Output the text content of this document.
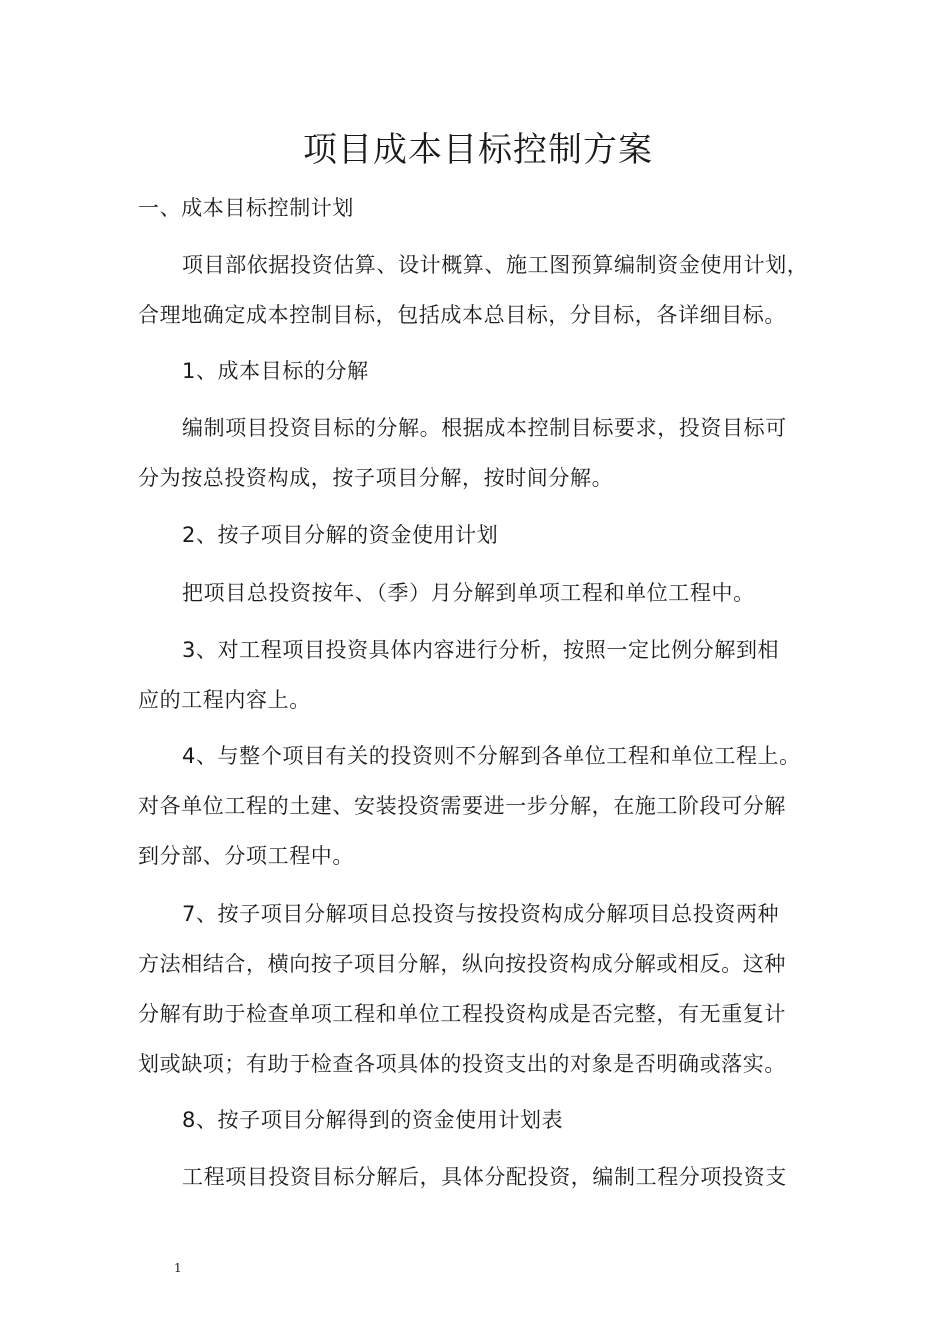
项目成本目标控制方案
一、成本目标控制计划
项目部依据投资估算、设计概算、施工图预算编制资金使用计划，
合理地确定成本控制目标，包括成本总目标，分目标，各详细目标。
1、成本目标的分解
编制项目投资目标的分解。根据成本控制目标要求，投资目标可
分为按总投资构成，按子项目分解，按时间分解。
2、按子项目分解的资金使用计划
把项目总投资按年、（季）月分解到单项工程和单位工程中。
3、对工程项目投资具体内容进行分析，按照一定比例分解到相
应的工程内容上。
4、与整个项目有关的投资则不分解到各单位工程和单位工程上。
对各单位工程的土建、安装投资需要进一步分解，在施工阶段可分解
到分部、分项工程中。
7、按子项目分解项目总投资与按投资构成分解项目总投资两种
方法相结合，横向按子项目分解，纵向按投资构成分解或相反。这种
分解有助于检查单项工程和单位工程投资构成是否完整，有无重复计
划或缺项；有助于检查各项具体的投资支出的对象是否明确或落实。
8、按子项目分解得到的资金使用计划表
工程项目投资目标分解后，具体分配投资，编制工程分项投资支
1
